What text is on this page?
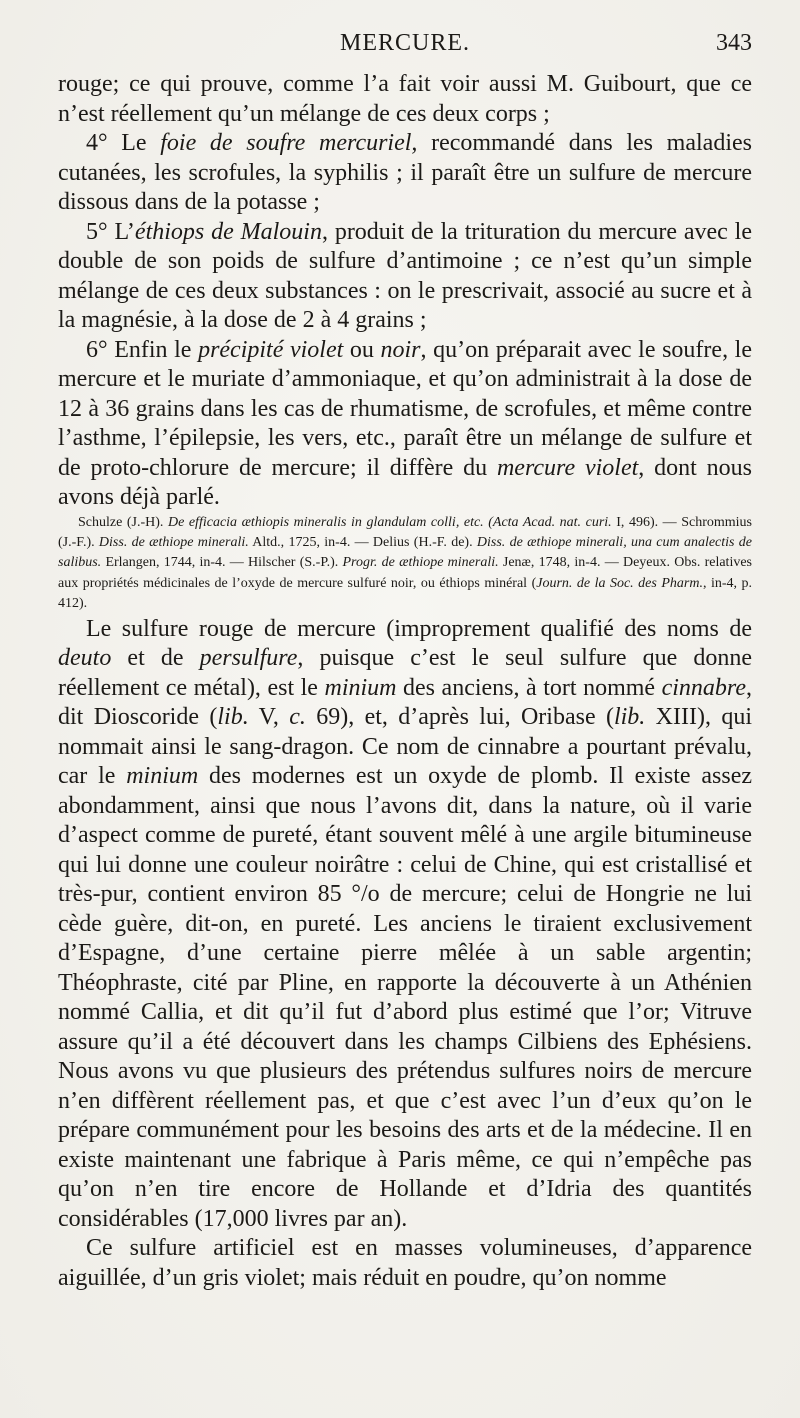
MERCURE.	343

rouge; ce qui prouve, comme l’a fait voir aussi M. Guibourt, que ce n’est réellement qu’un mélange de ces deux corps ;

4° Le foie de soufre mercuriel, recommandé dans les maladies cutanées, les scrofules, la syphilis ; il paraît être un sulfure de mercure dissous dans de la potasse ;

5° L’éthiops de Malouin, produit de la trituration du mercure avec le double de son poids de sulfure d’antimoine ; ce n’est qu’un simple mélange de ces deux substances : on le prescrivait, associé au sucre et à la magnésie, à la dose de 2 à 4 grains ;

6° Enfin le précipité violet ou noir, qu’on préparait avec le soufre, le mercure et le muriate d’ammoniaque, et qu’on administrait à la dose de 12 à 36 grains dans les cas de rhumatisme, de scrofules, et même contre l’asthme, l’épilepsie, les vers, etc., paraît être un mélange de sulfure et de proto-chlorure de mercure; il diffère du mercure violet, dont nous avons déjà parlé.

Schulze (J.-H). De efficacia æthiopis mineralis in glandulam colli, etc. (Acta Acad. nat. curi. I, 496). — Schrommius (J.-F.). Diss. de æthiope minerali. Altd., 1725, in-4. — Delius (H.-F. de). Diss. de æthiope minerali, una cum analectis de salibus. Erlangen, 1744, in-4. — Hilscher (S.-P.). Progr. de æthiope minerali. Jenæ, 1748, in-4. — Deyeux. Obs. relatives aux propriétés médicinales de l’oxyde de mercure sulfuré noir, ou éthiops minéral (Journ. de la Soc. des Pharm., in-4, p. 412).

Le sulfure rouge de mercure (improprement qualifié des noms de deuto et de persulfure, puisque c’est le seul sulfure que donne réellement ce métal), est le minium des anciens, à tort nommé cinnabre, dit Dioscoride (lib. V, c. 69), et, d’après lui, Oribase (lib. XIII), qui nommait ainsi le sang-dragon. Ce nom de cinnabre a pourtant prévalu, car le minium des modernes est un oxyde de plomb. Il existe assez abondamment, ainsi que nous l’avons dit, dans la nature, où il varie d’aspect comme de pureté, étant souvent mêlé à une argile bitumineuse qui lui donne une couleur noirâtre : celui de Chine, qui est cristallisé et très-pur, contient environ 85 °/o de mercure; celui de Hongrie ne lui cède guère, dit-on, en pureté. Les anciens le tiraient exclusivement d’Espagne, d’une certaine pierre mêlée à un sable argentin; Théophraste, cité par Pline, en rapporte la découverte à un Athénien nommé Callia, et dit qu’il fut d’abord plus estimé que l’or; Vitruve assure qu’il a été découvert dans les champs Cilbiens des Ephésiens. Nous avons vu que plusieurs des prétendus sulfures noirs de mercure n’en diffèrent réellement pas, et que c’est avec l’un d’eux qu’on le prépare communément pour les besoins des arts et de la médecine. Il en existe maintenant une fabrique à Paris même, ce qui n’empêche pas qu’on n’en tire encore de Hollande et d’Idria des quantités considérables (17,000 livres par an).

Ce sulfure artificiel est en masses volumineuses, d’apparence aiguillée, d’un gris violet; mais réduit en poudre, qu’on nomme
